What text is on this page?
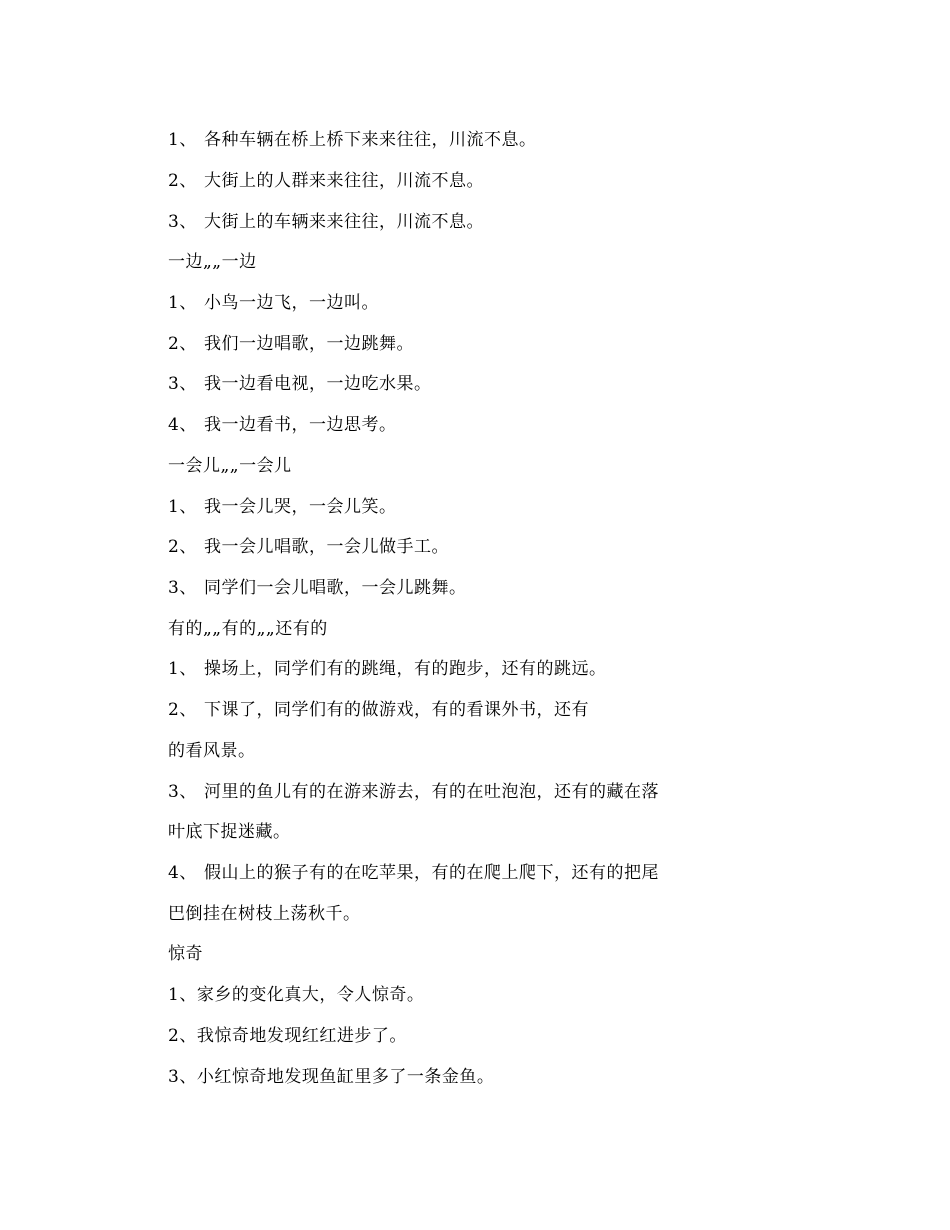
1、 各种车辆在桥上桥下来来往往，川流不息。
2、 大街上的人群来来往往，川流不息。
3、 大街上的车辆来来往往，川流不息。
一边„„一边
1、 小鸟一边飞，一边叫。
2、 我们一边唱歌，一边跳舞。
3、 我一边看电视，一边吃水果。
4、 我一边看书，一边思考。
一会儿„„一会儿
1、 我一会儿哭，一会儿笑。
2、 我一会儿唱歌，一会儿做手工。
3、 同学们一会儿唱歌，一会儿跳舞。
有的„„有的„„还有的
1、 操场上，同学们有的跳绳，有的跑步，还有的跳远。
2、 下课了，同学们有的做游戏，有的看课外书，还有
的看风景。
3、 河里的鱼儿有的在游来游去，有的在吐泡泡，还有的藏在落
叶底下捉迷藏。
4、 假山上的猴子有的在吃苹果，有的在爬上爬下，还有的把尾
巴倒挂在树枝上荡秋千。
惊奇
1、家乡的变化真大，令人惊奇。
2、我惊奇地发现红红进步了。
3、小红惊奇地发现鱼缸里多了一条金鱼。
